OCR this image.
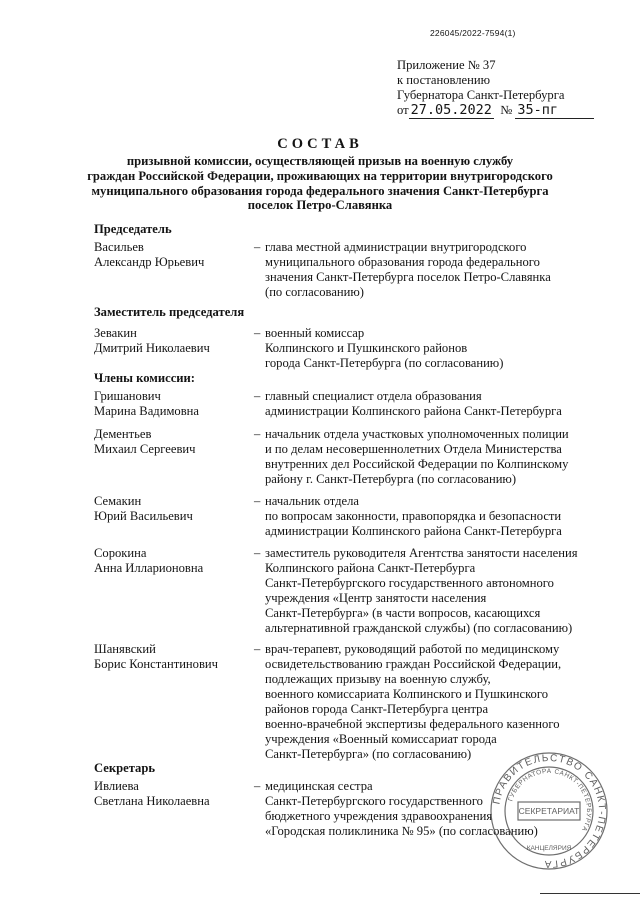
226045/2022-7594(1)
Приложение № 37
к постановлению
Губернатора Санкт-Петербурга
от 27.05.2022 № 35-пг
СОСТАВ
призывной комиссии, осуществляющей призыв на военную службу
граждан Российской Федерации, проживающих на территории внутригородского
муниципального образования города федерального значения Санкт-Петербурга
поселок Петро-Славянка
Председатель
Васильев
Александр Юрьевич
– глава местной администрации внутригородского
муниципального образования города федерального
значения Санкт-Петербурга поселок Петро-Славянка
(по согласованию)
Заместитель председателя
Зевакин
Дмитрий Николаевич
– военный комиссар
Колпинского и Пушкинского районов
города Санкт-Петербурга (по согласованию)
Члены комиссии:
Гришанович
Марина Вадимовна
– главный специалист отдела образования
администрации Колпинского района Санкт-Петербурга
Дементьев
Михаил Сергеевич
– начальник отдела участковых уполномоченных полиции
и по делам несовершеннолетних Отдела Министерства
внутренних дел Российской Федерации по Колпинскому
району г. Санкт-Петербурга (по согласованию)
Семакин
Юрий Васильевич
– начальник отдела
по вопросам законности, правопорядка и безопасности
администрации Колпинского района Санкт-Петербурга
Сорокина
Анна Илларионовна
– заместитель руководителя Агентства занятости населения
Колпинского района Санкт-Петербурга
Санкт-Петербургского государственного автономного
учреждения «Центр занятости населения
Санкт-Петербурга» (в части вопросов, касающихся
альтернативной гражданской службы) (по согласованию)
Шанявский
Борис Константинович
– врач-терапевт, руководящий работой по медицинскому
освидетельствованию граждан Российской Федерации,
подлежащих призыву на военную службу,
военного комиссариата Колпинского и Пушкинского
районов города Санкт-Петербурга центра
военно-врачебной экспертизы федерального казенного
учреждения «Военный комиссариат города
Санкт-Петербурга» (по согласованию)
Секретарь
Ивлиева
Светлана Николаевна
– медицинская сестра
Санкт-Петербургского государственного
бюджетного учреждения здравоохранения
«Городская поликлиника № 95» (по согласованию)
ПРАВИТЕЛЬСТВО САНКТ-ПЕТЕРБУРГА
ГУБЕРНАТОРА САНКТ-ПЕТЕРБУРГА
СЕКРЕТАРИАТ
КАНЦЕЛЯРИЯ
